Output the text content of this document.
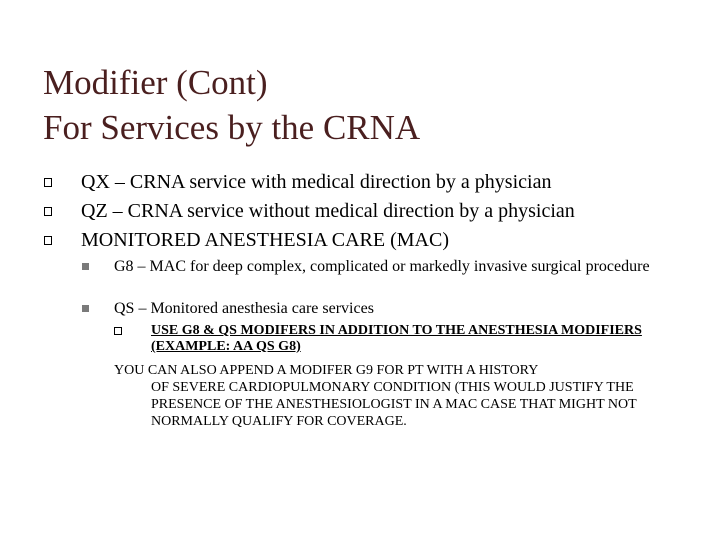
Modifier (Cont)
For Services by the CRNA
QX – CRNA service with medical direction by a physician
QZ – CRNA service without medical direction by a physician
MONITORED ANESTHESIA CARE (MAC)
G8 – MAC for deep complex, complicated or markedly invasive surgical procedure
QS – Monitored anesthesia care services
USE G8 & QS MODIFERS IN ADDITION TO THE ANESTHESIA MODIFIERS (EXAMPLE: AA QS G8)
YOU CAN ALSO APPEND A MODIFER G9 FOR PT WITH A HISTORY
OF SEVERE CARDIOPULMONARY CONDITION (THIS WOULD JUSTIFY THE PRESENCE OF THE ANESTHESIOLOGIST IN A MAC CASE THAT MIGHT NOT NORMALLY QUALIFY FOR COVERAGE.
